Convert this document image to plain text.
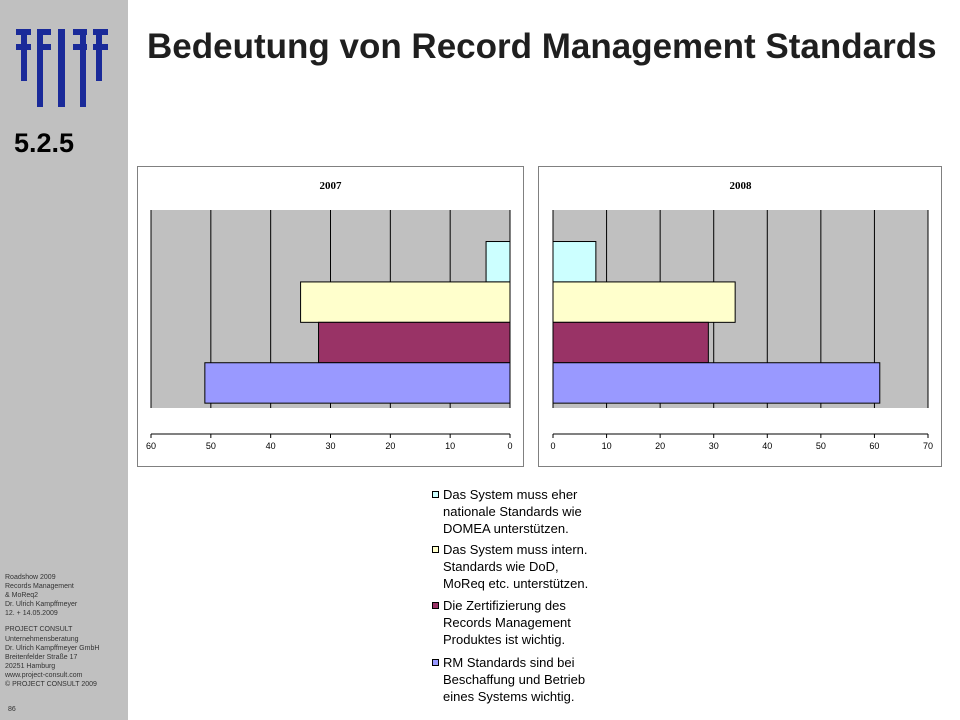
5.2.5
Roadshow 2009
Records Management
& MoReq2
Dr. Ulrich Kampffmeyer
12. + 14.05.2009
PROJECT CONSULT
Unternehmensberatung
Dr. Ulrich Kampffmeyer GmbH
Breitenfelder Straße 17
20251 Hamburg
www.project-consult.com
© PROJECT CONSULT 2009
86
Bedeutung von Record Management Standards
2007
0
10
20
30
40
50
60
2008
0	10	20	30	40	50	60	70
Das System muss eher
nationale Standards wie
DOMEA unterstützen.
Das System muss intern.
Standards wie DoD,
MoReq etc. unterstützen.
Die Zertifizierung des
Records Management
Produktes ist wichtig.
RM Standards sind bei
Beschaffung und Betrieb
eines Systems wichtig.
